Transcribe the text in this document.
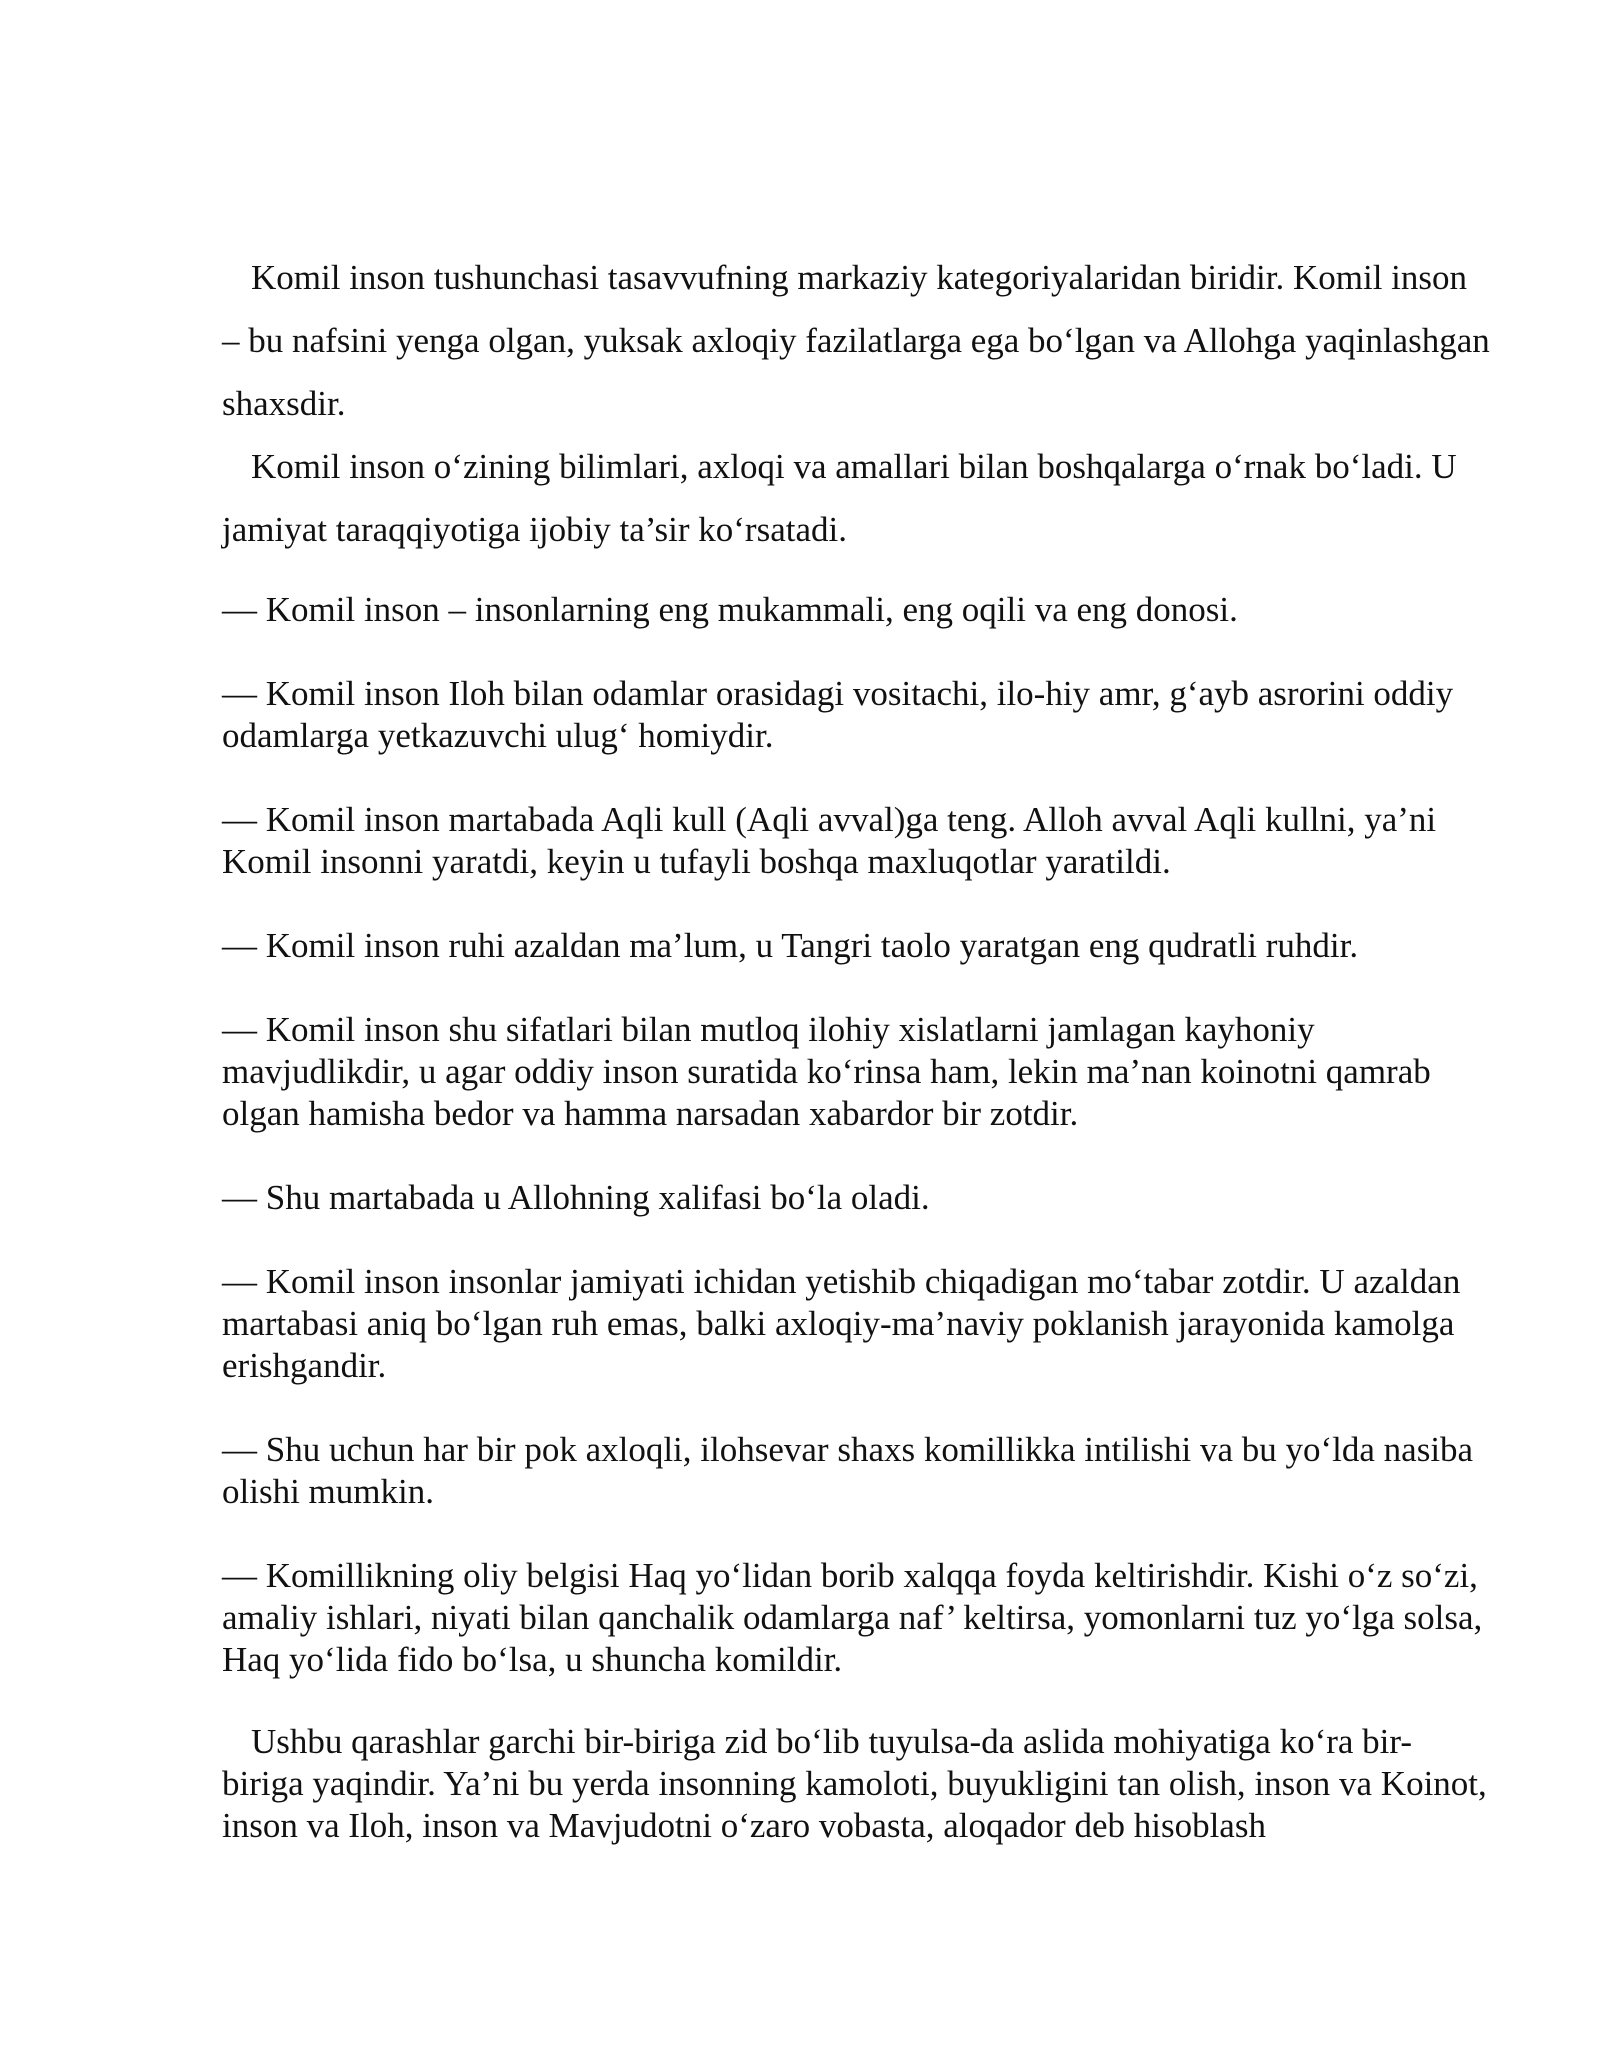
Komil inson tushunchasi tasavvufning markaziy kategoriyalaridan biridir. Komil inson – bu nafsini yenga olgan, yuksak axloqiy fazilatlarga ega bo‘lgan va Allohga yaqinlashgan shaxsdir.

Komil inson o‘zining bilimlari, axloqi va amallari bilan boshqalarga o‘rnak bo‘ladi. U jamiyat taraqqiyotiga ijobiy ta’sir ko‘rsatadi.

— Komil inson – insonlarning eng mukammali, eng oqili va eng donosi.

— Komil inson Iloh bilan odamlar orasidagi vositachi, ilo-hiy amr, g‘ayb asrorini oddiy odamlarga yetkazuvchi ulug‘ homiydir.

— Komil inson martabada Aqli kull (Aqli avval)ga teng. Alloh avval Aqli kullni, ya’ni Komil insonni yaratdi, keyin u tufayli boshqa maxluqotlar yaratildi.

— Komil inson ruhi azaldan ma’lum, u Tangri taolo yaratgan eng qudratli ruhdir.

— Komil inson shu sifatlari bilan mutloq ilohiy xislatlarni jamlagan kayhoniy mavjudlikdir, u agar oddiy inson suratida ko‘rinsa ham, lekin ma’nan koinotni qamrab olgan hamisha bedor va hamma narsadan xabardor bir zotdir.

— Shu martabada u Allohning xalifasi bo‘la oladi.

— Komil inson insonlar jamiyati ichidan yetishib chiqadigan mo‘tabar zotdir. U azaldan martabasi aniq bo‘lgan ruh emas, balki axloqiy-ma’naviy poklanish jarayonida kamolga erishgandir.

— Shu uchun har bir pok axloqli, ilohsevar shaxs komillikka intilishi va bu yo‘lda nasiba olishi mumkin.

— Komillikning oliy belgisi Haq yo‘lidan borib xalqqa foyda keltirishdir. Kishi o‘z so‘zi, amaliy ishlari, niyati bilan qanchalik odamlarga naf’ keltirsa, yomonlarni tuz yo‘lga solsa, Haq yo‘lida fido bo‘lsa, u shuncha komildir.

Ushbu qarashlar garchi bir-biriga zid bo‘lib tuyulsa-da aslida mohiyatiga ko‘ra bir-biriga yaqindir. Ya’ni bu yerda insonning kamoloti, buyukligini tan olish, inson va Koinot, inson va Iloh, inson va Mavjudotni o‘zaro vobasta, aloqador deb hisoblash
